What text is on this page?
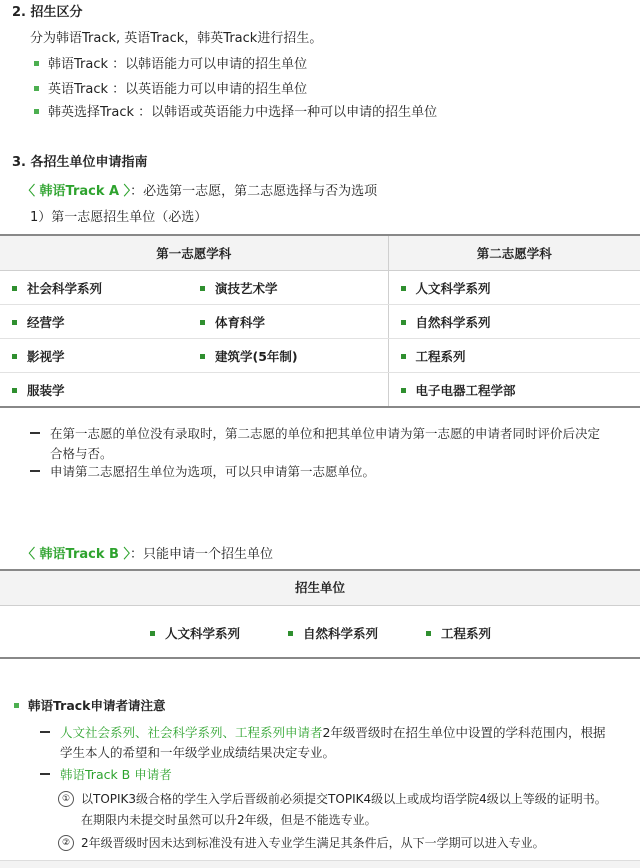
2. 招生区分
分为韩语Track, 英语Track，韩英Track进行招生。
韩语Track ：以韩语能力可以申请的招生单位
英语Track ：以英语能力可以申请的招生单位
韩英选择Track ：以韩语或英语能力中选择一种可以申请的招生单位
3. 各招生单位申请指南
〈 韩语Track A 〉：必选第一志愿，第二志愿选择与否为选项
1）第一志愿招生单位（必选）
第一志愿学科		第二志愿学科
社会科学系列	演技艺术学	人文科学系列
经营学	体育科学	自然科学系列
影视学	建筑学(5年制)	工程系列
服装学		电子电器工程学部
在第一志愿的单位没有录取时，第二志愿的单位和把其单位申请为第一志愿的申请者同时评价后决定
合格与否。
申请第二志愿招生单位为选项，可以只申请第一志愿单位。
〈 韩语Track B 〉：只能申请一个招生单位
招生单位
人文科学系列	自然科学系列	工程系列
韩语Track申请者请注意
人文社会系列、社会科学系列、工程系列申请者2年级晋级时在招生单位中设置的学科范围内，根据
学生本人的希望和一年级学业成绩结果决定专业。
韩语Track B 申请者
① 以TOPIK3级合格的学生入学后晋级前必须提交TOPIK4级以上或成均语学院4级以上等级的证明书。
在期限内未提交时虽然可以升2年级，但是不能选专业。
② 2年级晋级时因未达到标准没有进入专业学生满足其条件后，从下一学期可以进入专业。
